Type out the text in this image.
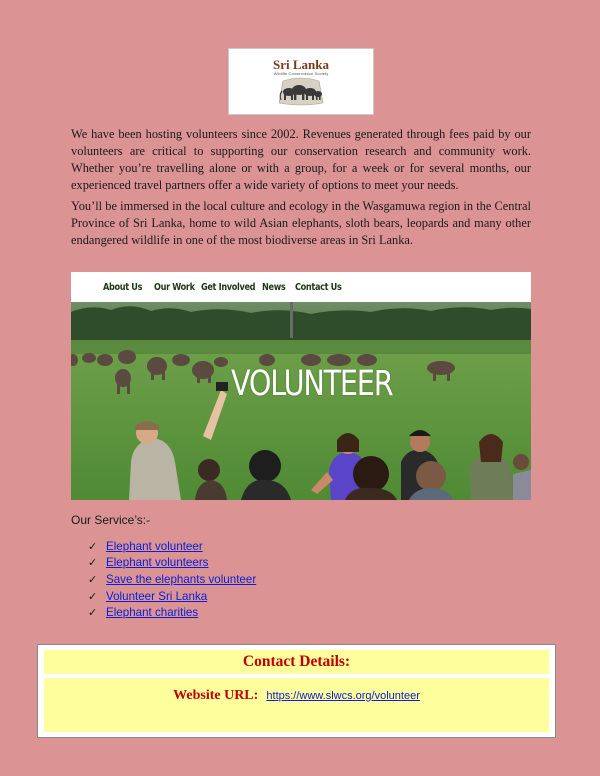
Sri Lanka
Wildlife Conservation Society

We have been hosting volunteers since 2002. Revenues generated through fees paid by our volunteers are critical to supporting our conservation research and community work. Whether you’re travelling alone or with a group, for a week or for several months, our experienced travel partners offer a wide variety of options to meet your needs.

You’ll be immersed in the local culture and ecology in the Wasgamuwa region in the Central Province of Sri Lanka, home to wild Asian elephants, sloth bears, leopards and many other endangered wildlife in one of the most biodiverse areas in Sri Lanka.

About Us Our Work Get Involved News Contact Us
VOLUNTEER
Our Service’s:-
✓ Elephant volunteer
✓ Elephant volunteers
✓ Save the elephants volunteer
✓ Volunteer Sri Lanka
✓ Elephant charities
Contact Details:
Website URL: https://www.slwcs.org/volunteer
